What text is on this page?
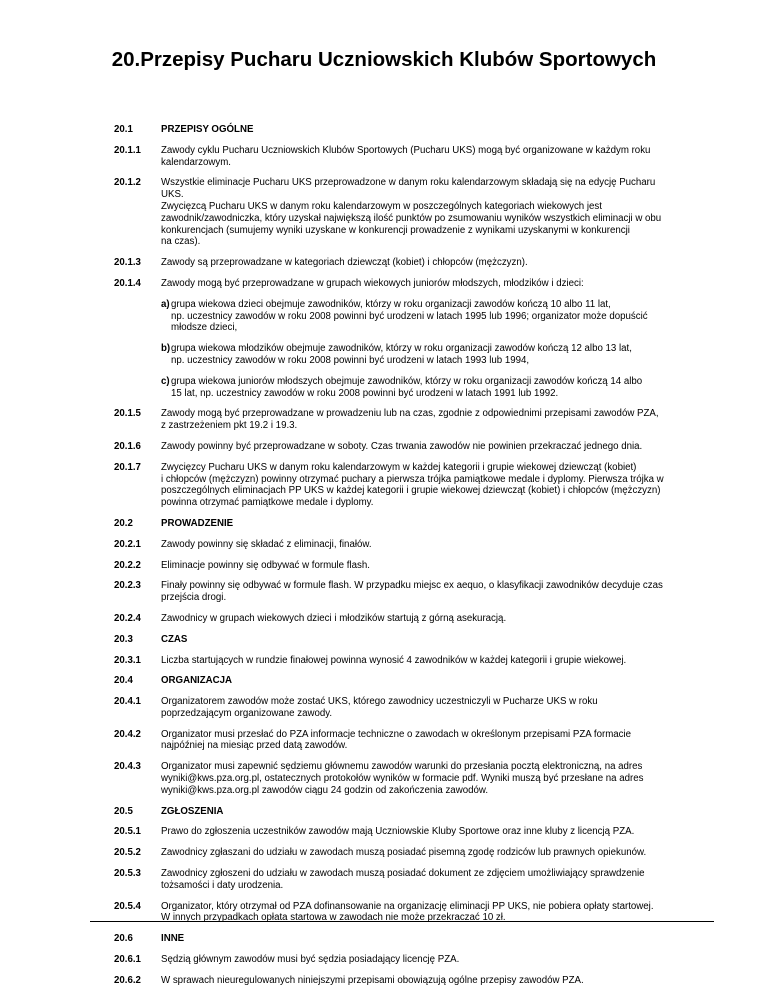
20.Przepisy Pucharu Uczniowskich Klubów Sportowych
20.1	PRZEPISY OGÓLNE
20.1.1	Zawody cyklu Pucharu Uczniowskich Klubów Sportowych (Pucharu UKS) mogą być organizowane w każdym roku
kalendarzowym.
20.1.2	Wszystkie eliminacje Pucharu UKS przeprowadzone w danym roku kalendarzowym składają się na edycję Pucharu
UKS.
Zwycięzcą Pucharu UKS w danym roku kalendarzowym w poszczególnych kategoriach wiekowych jest
zawodnik/zawodniczka, który uzyskał największą ilość punktów po zsumowaniu wyników wszystkich eliminacji w obu
konkurencjach (sumujemy wyniki uzyskane w konkurencji prowadzenie z wynikami uzyskanymi w konkurencji
na czas).
20.1.3	Zawody są przeprowadzane w kategoriach dziewcząt (kobiet) i chłopców (mężczyzn).
20.1.4	Zawody mogą być przeprowadzane w grupach wiekowych juniorów młodszych, młodzików i dzieci:
a) grupa wiekowa dzieci obejmuje zawodników, którzy w roku organizacji zawodów kończą 10 albo 11 lat,
np. uczestnicy zawodów w roku 2008 powinni być urodzeni w latach 1995 lub 1996; organizator może dopuścić
młodsze dzieci,
b) grupa wiekowa młodzików obejmuje zawodników, którzy w roku organizacji zawodów kończą 12 albo 13 lat,
np. uczestnicy zawodów w roku 2008 powinni być urodzeni w latach 1993 lub 1994,
c) grupa wiekowa juniorów młodszych obejmuje zawodników, którzy w roku organizacji zawodów kończą 14 albo
15 lat, np. uczestnicy zawodów w roku 2008 powinni być urodzeni w latach 1991 lub 1992.
20.1.5	Zawody mogą być przeprowadzane w prowadzeniu lub na czas, zgodnie z odpowiednimi przepisami zawodów PZA,
z zastrzeżeniem pkt 19.2 i 19.3.
20.1.6	Zawody powinny być przeprowadzane w soboty. Czas trwania zawodów nie powinien przekraczać jednego dnia.
20.1.7	Zwycięzcy Pucharu UKS w danym roku kalendarzowym w każdej kategorii i grupie wiekowej dziewcząt (kobiet)
i chłopców (mężczyzn) powinny otrzymać puchary a pierwsza trójka pamiątkowe medale i dyplomy. Pierwsza trójka w
poszczególnych eliminacjach PP UKS w każdej kategorii i grupie wiekowej dziewcząt (kobiet) i chłopców (mężczyzn)
powinna otrzymać pamiątkowe medale i dyplomy.
20.2	PROWADZENIE
20.2.1	Zawody powinny się składać z eliminacji, finałów.
20.2.2	Eliminacje powinny się odbywać w formule flash.
20.2.3	Finały powinny się odbywać w formule flash. W przypadku miejsc ex aequo, o klasyfikacji zawodników decyduje czas
przejścia drogi.
20.2.4	Zawodnicy w grupach wiekowych dzieci i młodzików startują z górną asekuracją.
20.3	CZAS
20.3.1	Liczba startujących w rundzie finałowej powinna wynosić 4 zawodników w każdej kategorii i grupie wiekowej.
20.4	ORGANIZACJA
20.4.1	Organizatorem zawodów może zostać UKS, którego zawodnicy uczestniczyli w Pucharze UKS w roku
poprzedzającym organizowane zawody.
20.4.2	Organizator musi przesłać do PZA informacje techniczne o zawodach w określonym przepisami PZA formacie
najpóźniej na miesiąc przed datą zawodów.
20.4.3	Organizator musi zapewnić sędziemu głównemu zawodów warunki do przesłania pocztą elektroniczną, na adres
wyniki@kws.pza.org.pl, ostatecznych protokołów wyników w formacie pdf. Wyniki muszą być przesłane na adres
wyniki@kws.pza.org.pl zawodów ciągu 24 godzin od zakończenia zawodów.
20.5	ZGŁOSZENIA
20.5.1	Prawo do zgłoszenia uczestników zawodów mają Uczniowskie Kluby Sportowe oraz inne kluby z licencją PZA.
20.5.2	Zawodnicy zgłaszani do udziału w zawodach muszą posiadać pisemną zgodę rodziców lub prawnych opiekunów.
20.5.3	Zawodnicy zgłoszeni do udziału w zawodach muszą posiadać dokument ze zdjęciem umożliwiający sprawdzenie
tożsamości i daty urodzenia.
20.5.4	Organizator, który otrzymał od PZA dofinansowanie na organizację eliminacji PP UKS, nie pobiera opłaty startowej.
W innych przypadkach opłata startowa w zawodach nie może przekraczać 10 zł.
20.6	INNE
20.6.1	Sędzią głównym zawodów musi być sędzia posiadający licencję PZA.
20.6.2	W sprawach nieuregulowanych niniejszymi przepisami obowiązują ogólne przepisy zawodów PZA.
